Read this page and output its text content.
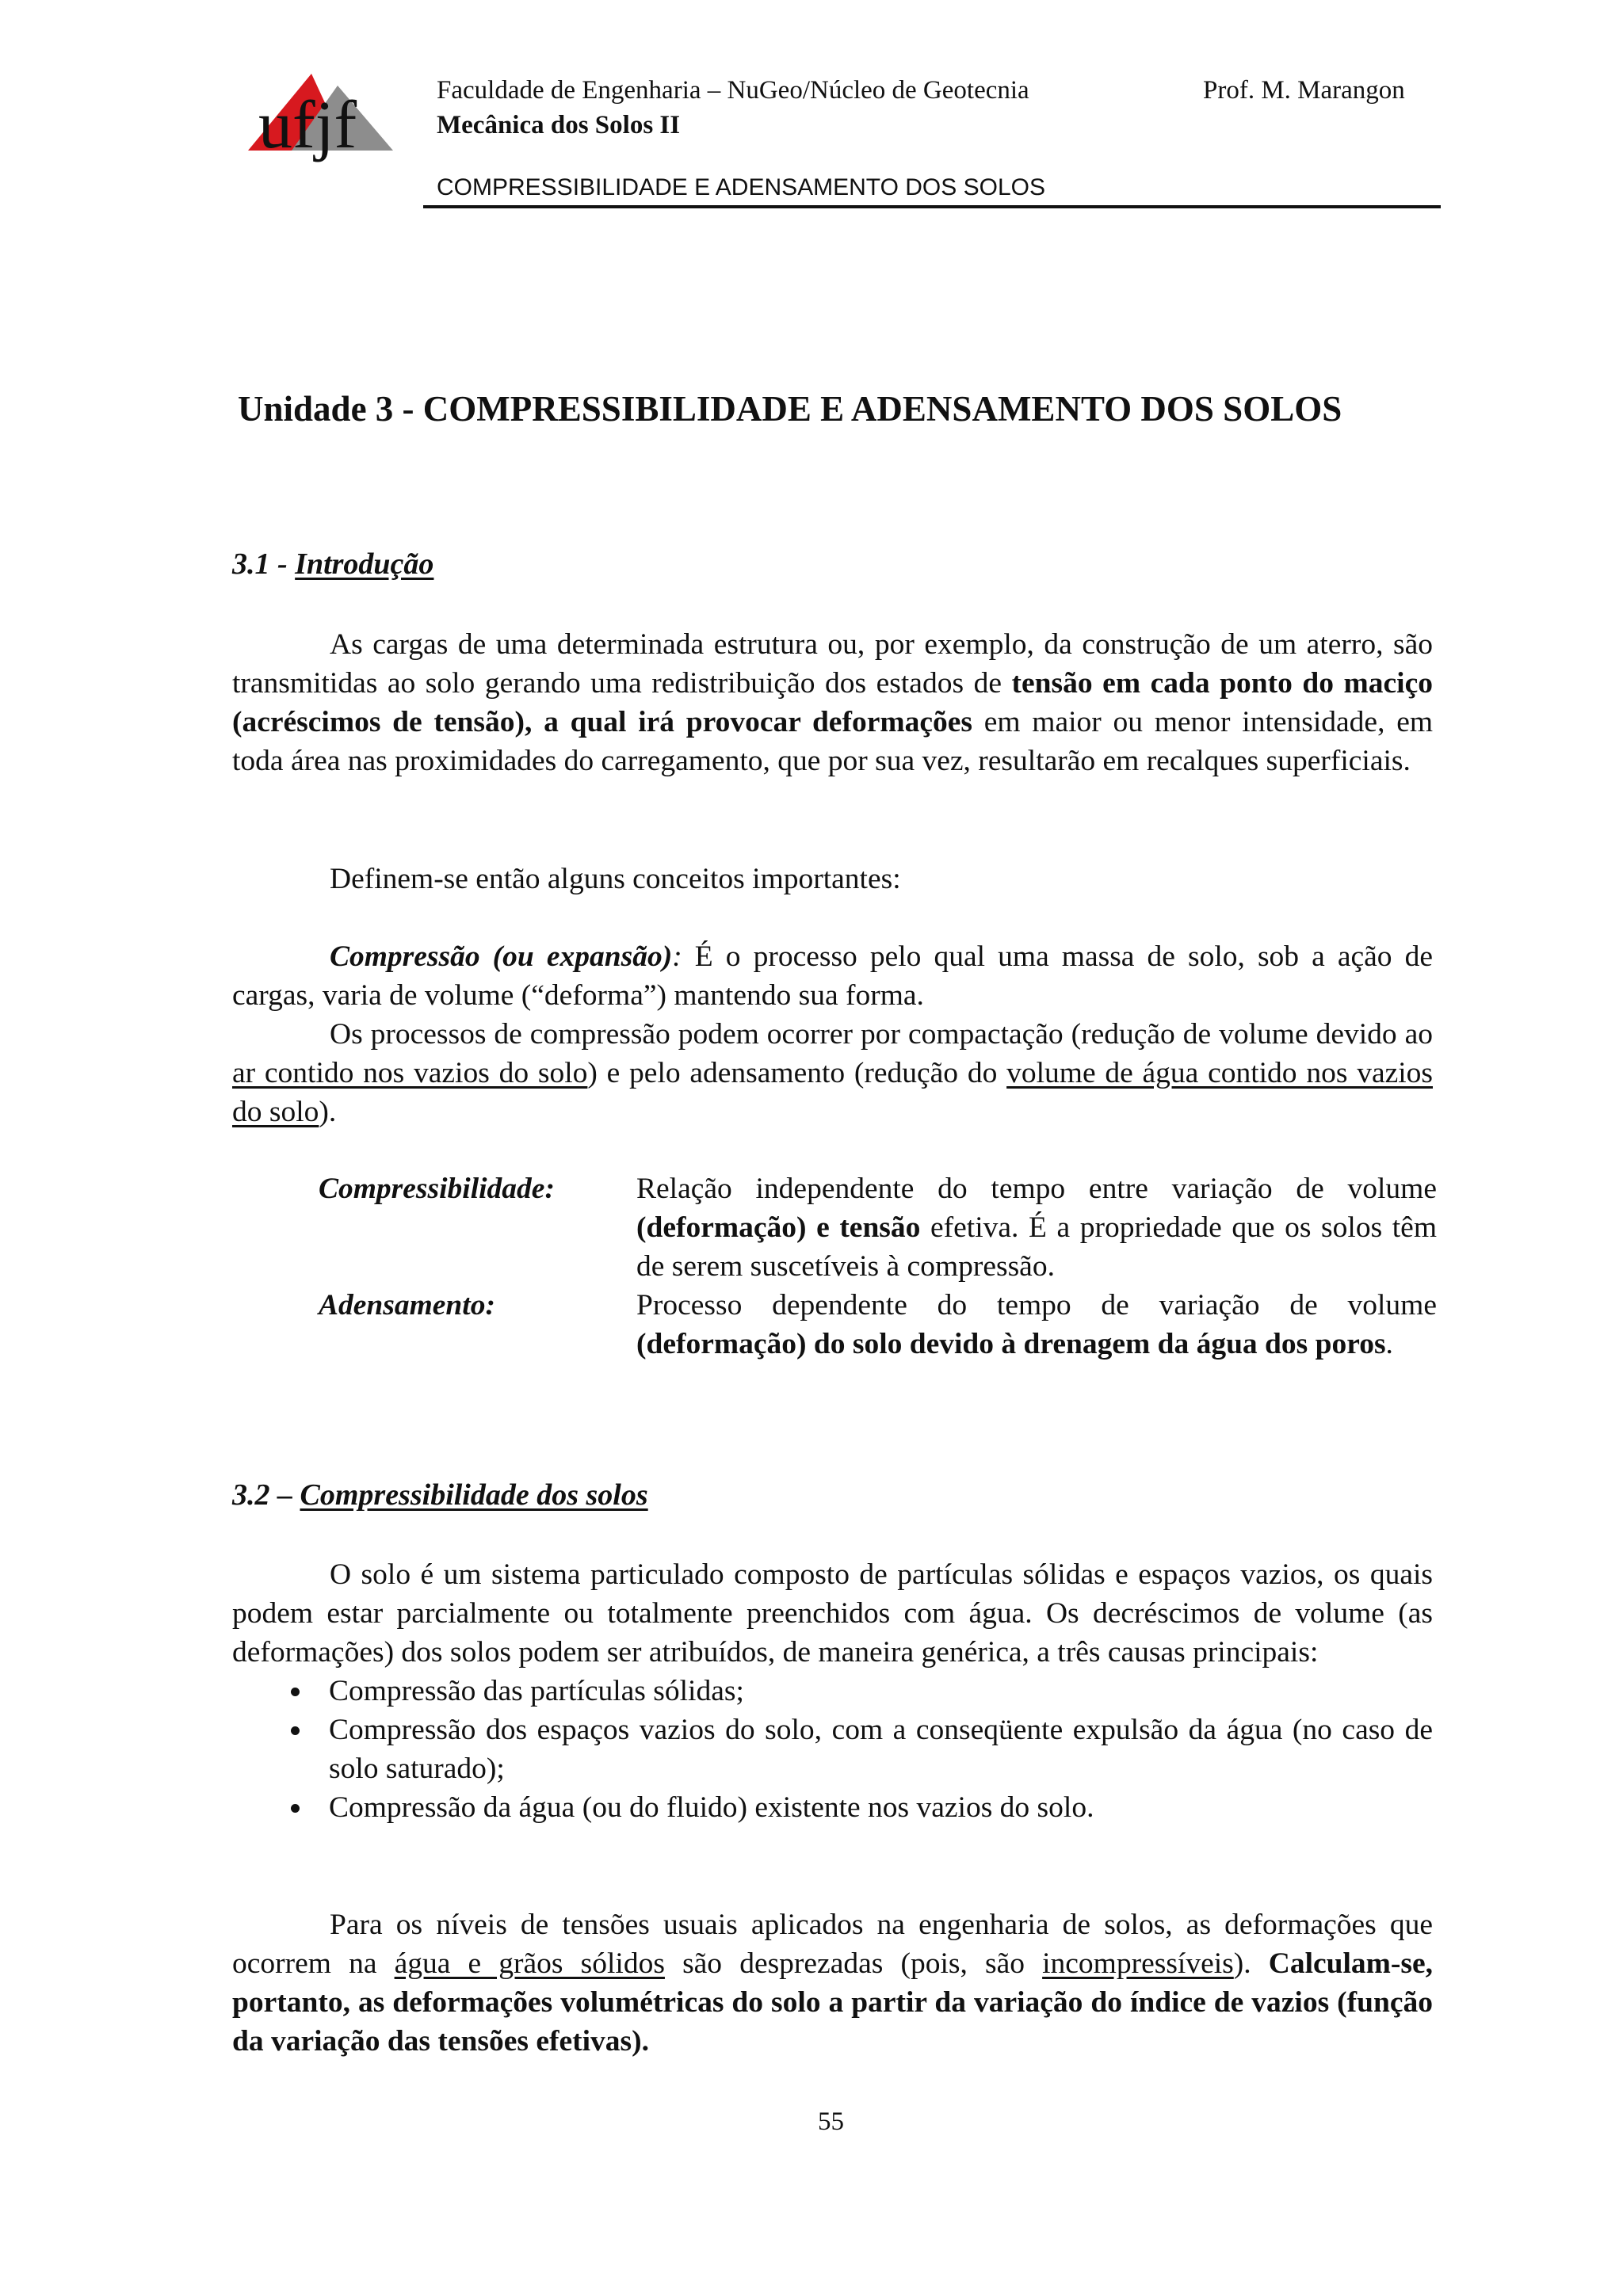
ufjf	Faculdade de Engenharia – NuGeo/Núcleo de Geotecnia	Prof. M. Marangon
Mecânica dos Solos II
COMPRESSIBILIDADE E ADENSAMENTO DOS SOLOS
Unidade 3 - COMPRESSIBILIDADE E ADENSAMENTO DOS SOLOS
3.1 - Introdução

As cargas de uma determinada estrutura ou, por exemplo, da construção de um aterro, são transmitidas ao solo gerando uma redistribuição dos estados de tensão em cada ponto do maciço (acréscimos de tensão), a qual irá provocar deformações em maior ou menor intensidade, em toda área nas proximidades do carregamento, que por sua vez, resultarão em recalques superficiais.

Definem-se então alguns conceitos importantes:

Compressão (ou expansão): É o processo pelo qual uma massa de solo, sob a ação de cargas, varia de volume (“deforma”) mantendo sua forma.

Os processos de compressão podem ocorrer por compactação (redução de volume devido ao ar contido nos vazios do solo) e pelo adensamento (redução do volume de água contido nos vazios do solo).

Compressibilidade:	Relação independente do tempo entre variação de volume (deformação) e tensão efetiva. É a propriedade que os solos têm de serem suscetíveis à compressão.
Adensamento:	Processo dependente do tempo de variação de volume (deformação) do solo devido à drenagem da água dos poros.
3.2 – Compressibilidade dos solos

O solo é um sistema particulado composto de partículas sólidas e espaços vazios, os quais podem estar parcialmente ou totalmente preenchidos com água. Os decréscimos de volume (as deformações) dos solos podem ser atribuídos, de maneira genérica, a três causas principais:

Compressão das partículas sólidas;
Compressão dos espaços vazios do solo, com a conseqüente expulsão da água (no caso de solo saturado);
Compressão da água (ou do fluido) existente nos vazios do solo.

Para os níveis de tensões usuais aplicados na engenharia de solos, as deformações que ocorrem na água e grãos sólidos são desprezadas (pois, são incompressíveis). Calculam-se, portanto, as deformações volumétricas do solo a partir da variação do índice de vazios (função da variação das tensões efetivas).

55
